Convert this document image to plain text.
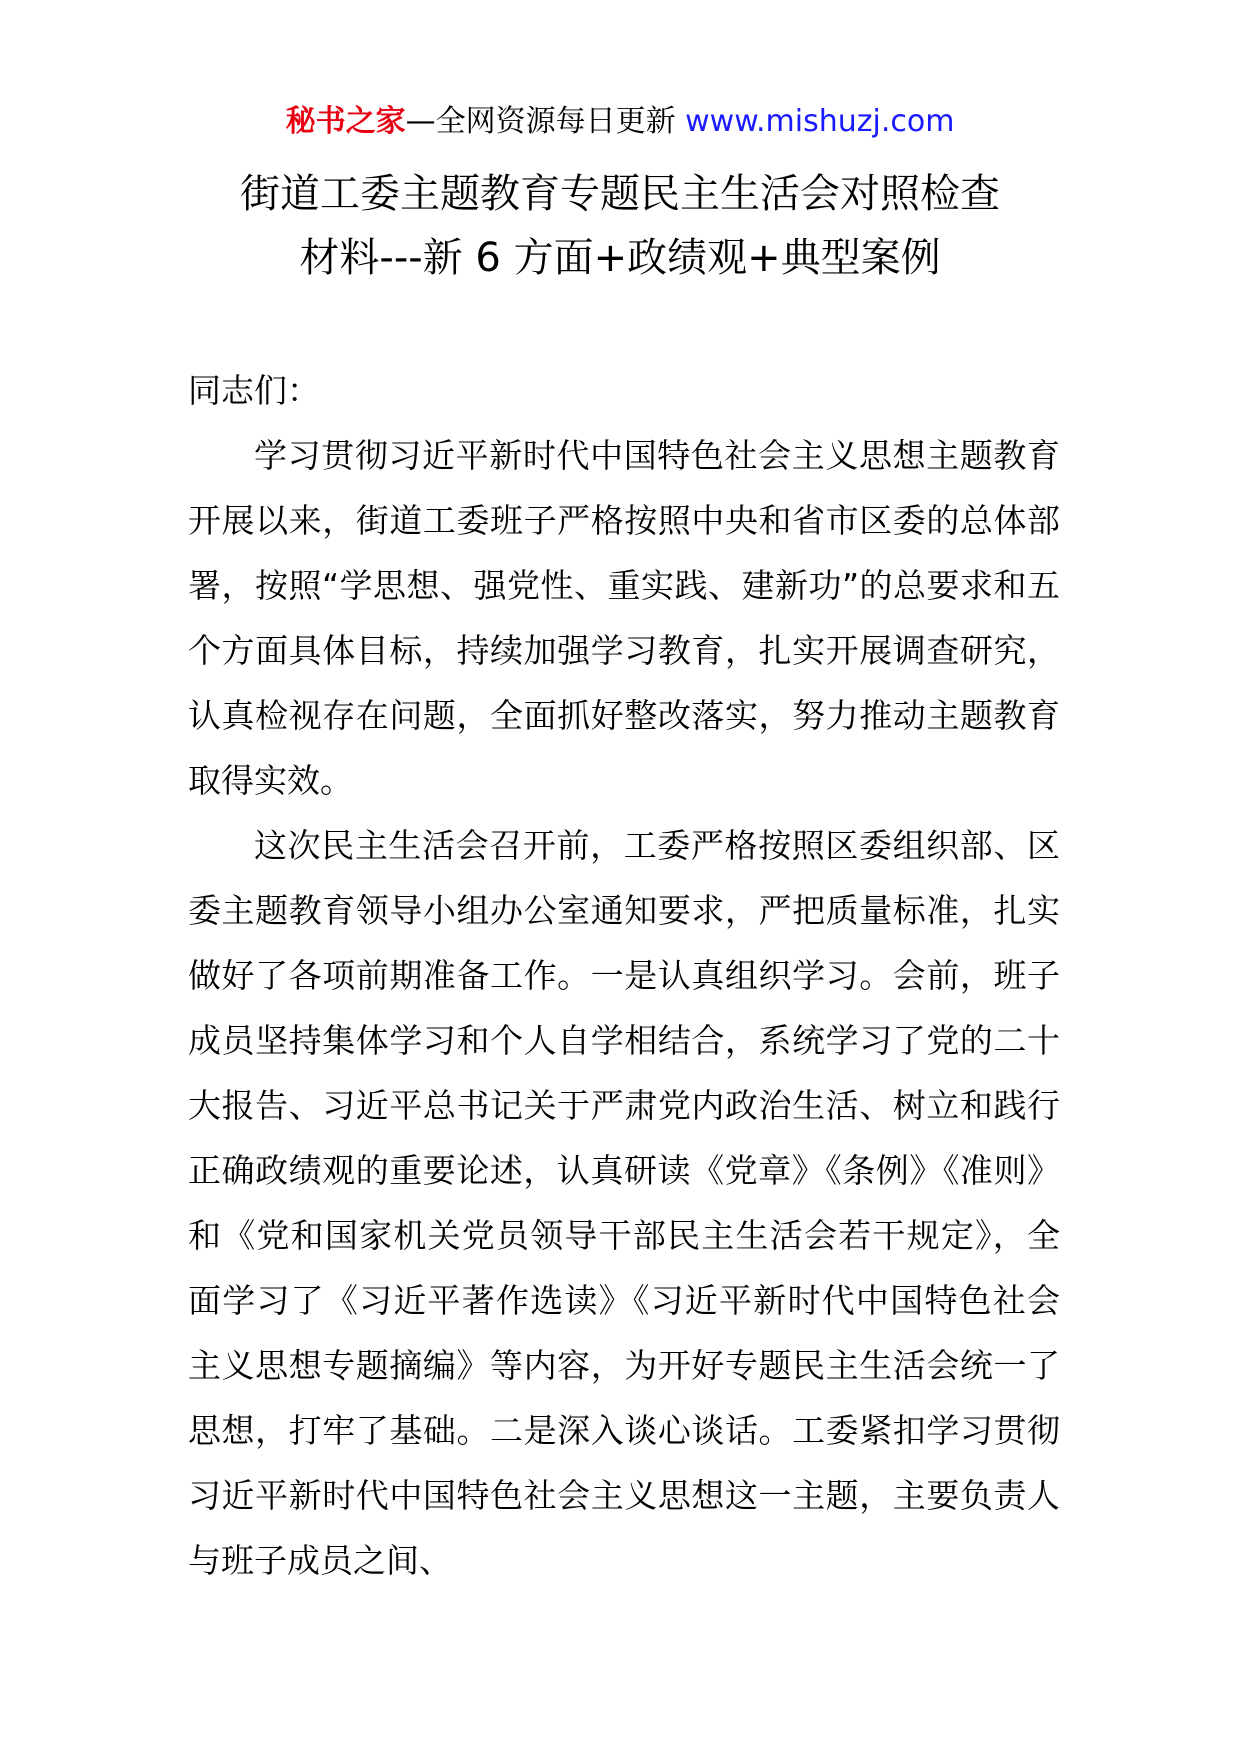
秘书之家—全网资源每日更新 www.mishuzj.com
街道工委主题教育专题民主生活会对照检查
材料---新 6 方面+政绩观+典型案例

同志们：

学习贯彻习近平新时代中国特色社会主义思想主题教育开展以来，街道工委班子严格按照中央和省市区委的总体部署，按照“学思想、强党性、重实践、建新功”的总要求和五个方面具体目标，持续加强学习教育，扎实开展调查研究，认真检视存在问题，全面抓好整改落实，努力推动主题教育取得实效。

这次民主生活会召开前，工委严格按照区委组织部、区委主题教育领导小组办公室通知要求，严把质量标准，扎实做好了各项前期准备工作。一是认真组织学习。会前，班子成员坚持集体学习和个人自学相结合，系统学习了党的二十大报告、习近平总书记关于严肃党内政治生活、树立和践行正确政绩观的重要论述，认真研读《党章》《条例》《准则》和《党和国家机关党员领导干部民主生活会若干规定》，全面学习了《习近平著作选读》《习近平新时代中国特色社会主义思想专题摘编》等内容，为开好专题民主生活会统一了思想，打牢了基础。二是深入谈心谈话。工委紧扣学习贯彻习近平新时代中国特色社会主义思想这一主题，主要负责人与班子成员之间、
